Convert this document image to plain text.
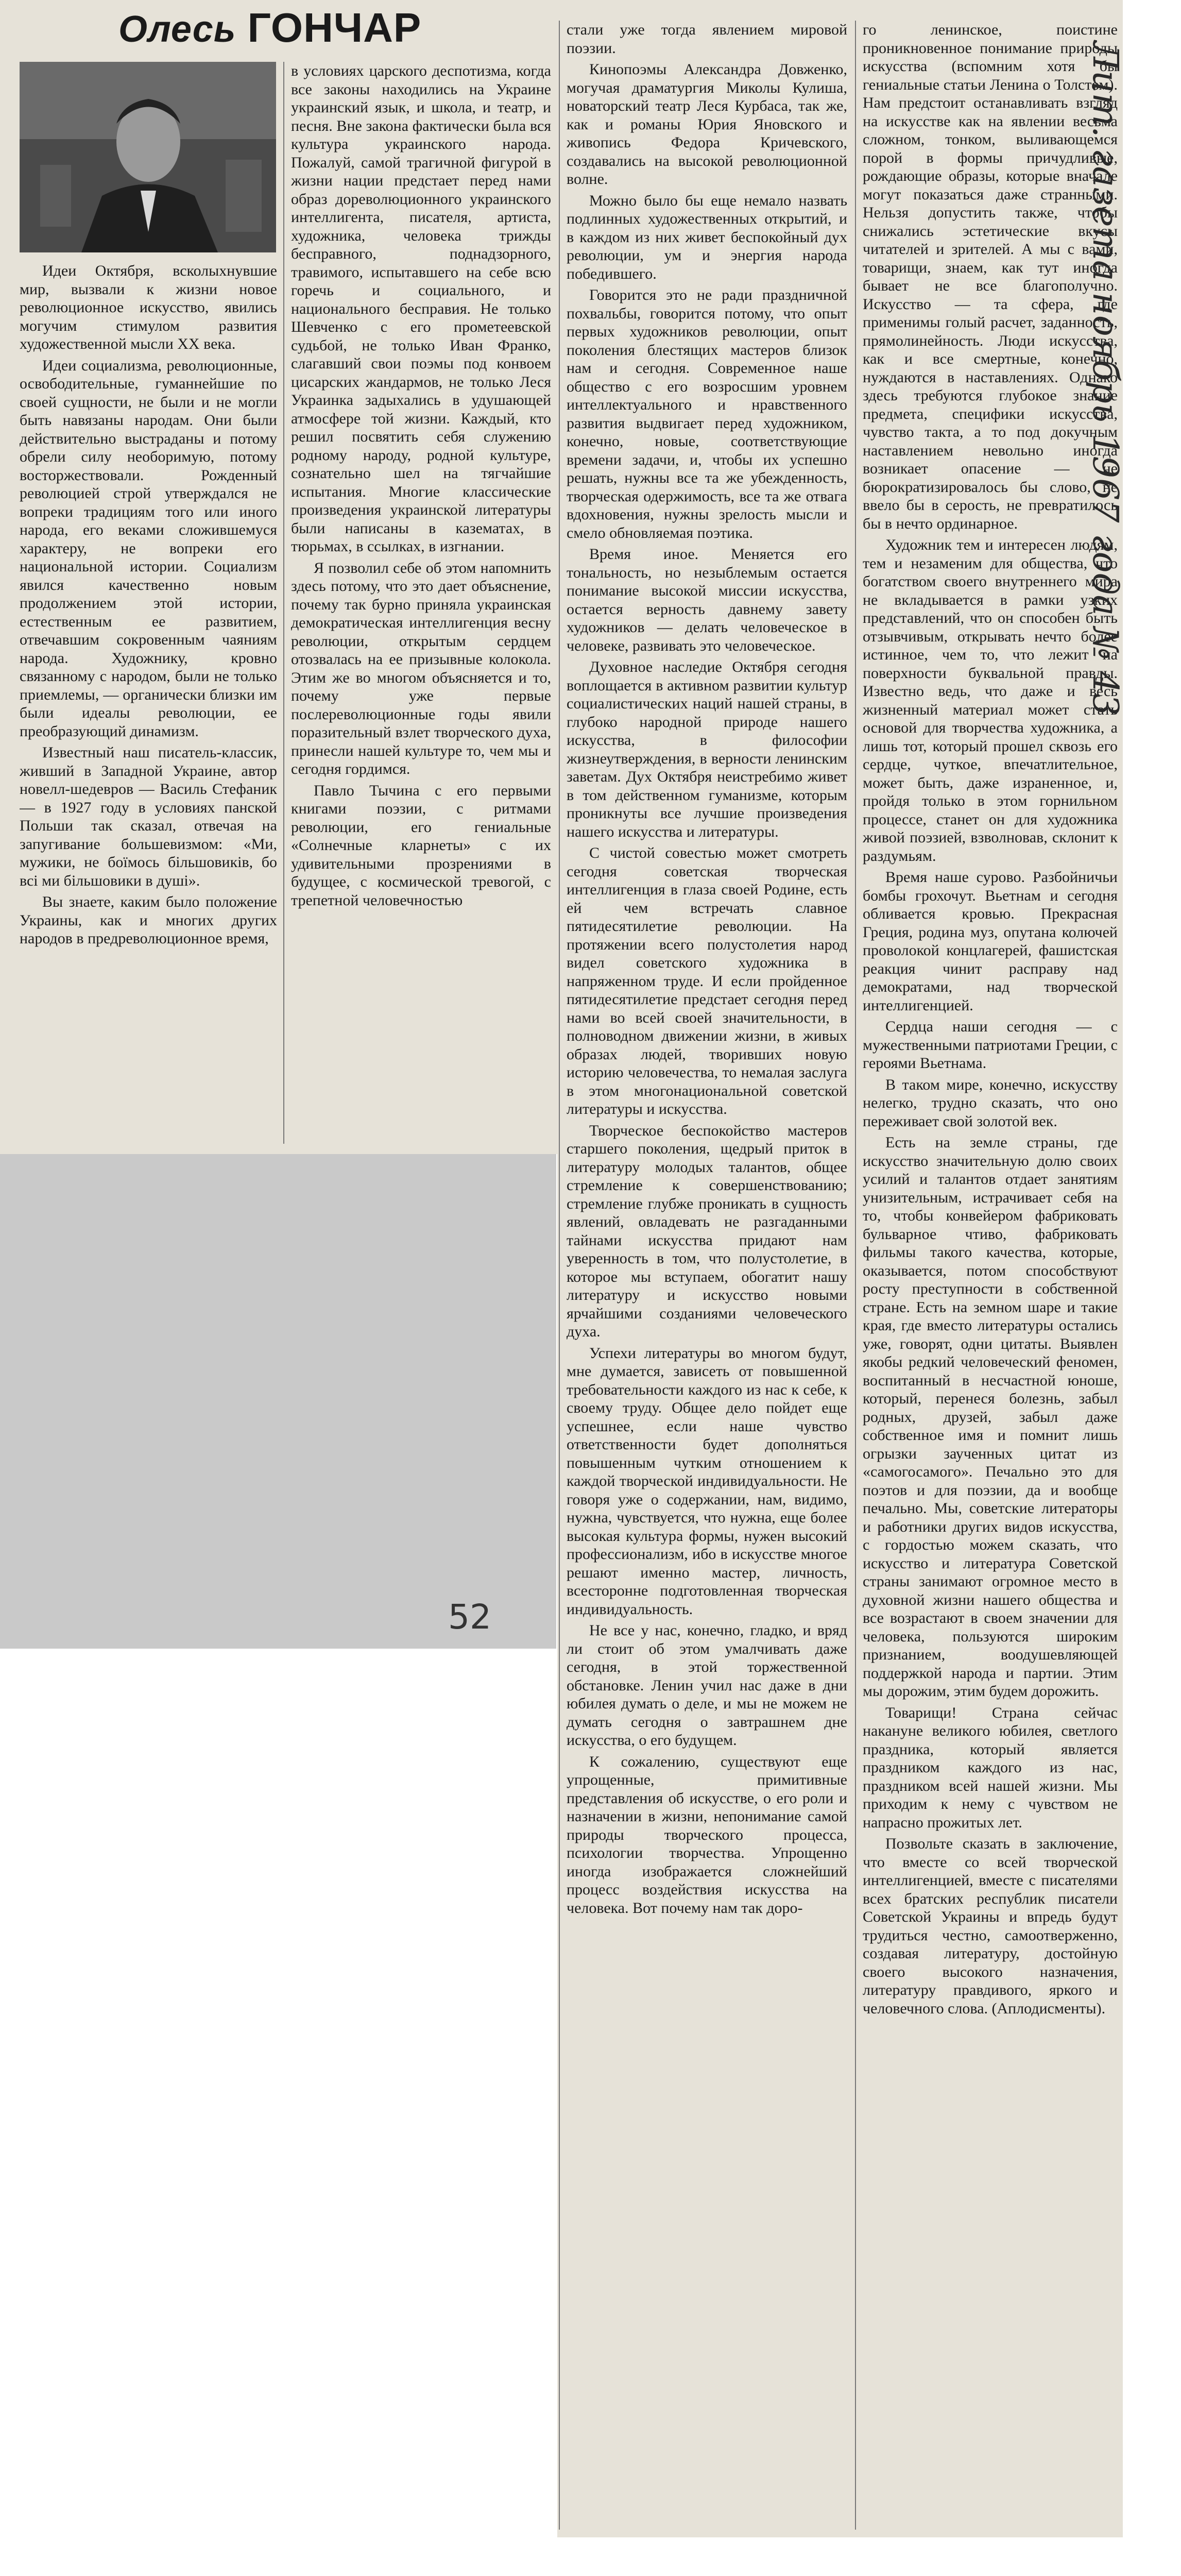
Олесь ГОНЧАР

Идеи Октября, всколыхнувшие мир, вызвали к жизни новое революционное искусство, явились могучим стимулом развития художественной мысли XX века.

Идеи социализма, революционные, освободительные, гуманнейшие по своей сущности, не были и не могли быть навязаны народам. Они были действительно выстраданы и потому обрели силу необоримую, потому восторжествовали. Рожденный революцией строй утверждался не вопреки традициям того или иного народа, его веками сложившемуся характеру, не вопреки его национальной истории. Социализм явился качественно новым продолжением этой истории, естественным ее развитием, отвечавшим сокровенным чаяниям народа. Художнику, кровно связанному с народом, были не только приемлемы, — органически близки им были идеалы революции, ее преобразующий динамизм.

Известный наш писатель-классик, живший в Западной Украине, автор новелл-шедевров — Василь Стефаник — в 1927 году в условиях панской Польши так сказал, отвечая на запугивание большевизмом: «Ми, мужики, не боїмось більшовиків, бо всі ми більшовики в душі».

Вы знаете, каким было положение Украины, как и многих других народов в предреволюционное время,

в условиях царского деспотизма, когда все законы находились на Украине украинский язык, и школа, и театр, и песня. Вне закона фактически была вся культура украинского народа. Пожалуй, самой трагичной фигурой в жизни нации предстает перед нами образ дореволюционного украинского интеллигента, писателя, артиста, художника, человека трижды бесправного, поднадзорного, травимого, испытавшего на себе всю горечь и социального, и национального бесправия. Не только Шевченко с его прометеевской судьбой, не только Иван Франко, слагавший свои поэмы под конвоем цисарских жандармов, не только Леся Украинка задыхались в удушающей атмосфере той жизни. Каждый, кто решил посвятить себя служению родному народу, родной культуре, сознательно шел на тягчайшие испытания. Многие классические произведения украинской литературы были написаны в казематах, в тюрьмах, в ссылках, в изгнании.

Я позволил себе об этом напомнить здесь потому, что это дает объяснение, почему так бурно приняла украинская демократическая интеллигенция весну революции, открытым сердцем отозвалась на ее призывные колокола. Этим же во многом объясняется и то, почему уже первые послереволюционные годы явили поразительный взлет творческого духа, принесли нашей культуре то, чем мы и сегодня гордимся.

Павло Тычина с его первыми книгами поэзии, с ритмами революции, его гениальные «Солнечные кларнеты» с их удивительными прозрениями в будущее, с космической тревогой, с трепетной человечностью

стали уже тогда явлением мировой поэзии.

Кинопоэмы Александра Довженко, могучая драматургия Миколы Кулиша, новаторский театр Леся Курбаса, так же, как и романы Юрия Яновского и живопись Федора Кричевского, создавались на высокой революционной волне.

Можно было бы еще немало назвать подлинных художественных открытий, и в каждом из них живет беспокойный дух революции, ум и энергия народа победившего.

Говорится это не ради праздничной похвальбы, говорится потому, что опыт первых художников революции, опыт поколения блестящих мастеров близок нам и сегодня. Современное наше общество с его возросшим уровнем интеллектуального и нравственного развития выдвигает перед художником, конечно, новые, соответствующие времени задачи, и, чтобы их успешно решать, нужны все та же убежденность, творческая одержимость, все та же отвага вдохновения, нужны зрелость мысли и смело обновляемая поэтика.

Время иное. Меняется его тональность, но незыблемым остается понимание высокой миссии искусства, остается верность давнему завету художников — делать человеческое в человеке, развивать это человеческое.

Духовное наследие Октября сегодня воплощается в активном развитии культур социалистических наций нашей страны, в глубоко народной природе нашего искусства, в философии жизнеутверждения, в верности ленинским заветам. Дух Октября неистребимо живет в том действенном гуманизме, которым проникнуты все лучшие произведения нашего искусства и литературы.

С чистой совестью может смотреть сегодня советская творческая интеллигенция в глаза своей Родине, есть ей чем встречать славное пятидесятилетие революции. На протяжении всего полустолетия народ видел советского художника в напряженном труде. И если пройденное пятидесятилетие предстает сегодня перед нами во всей своей значительности, в полноводном движении жизни, в живых образах людей, творивших новую историю человечества, то немалая заслуга в этом многонациональной советской литературы и искусства.

Творческое беспокойство мастеров старшего поколения, щедрый приток в литературу молодых талантов, общее стремление к совершенствованию; стремление глубже проникать в сущность явлений, овладевать не разгаданными тайнами искусства придают нам уверенность в том, что полустолетие, в которое мы вступаем, обогатит нашу литературу и искусство новыми ярчайшими созданиями человеческого духа.

Успехи литературы во многом будут, мне думается, зависеть от повышенной требовательности каждого из нас к себе, к своему труду. Общее дело пойдет еще успешнее, если наше чувство ответственности будет дополняться повышенным чутким отношением к каждой творческой индивидуальности. Не говоря уже о содержании, нам, видимо, нужна, чувствуется, что нужна, еще более высокая культура формы, нужен высокий профессионализм, ибо в искусстве многое решают именно мастер, личность, всесторонне подготовленная творческая индивидуальность.

Не все у нас, конечно, гладко, и вряд ли стоит об этом умалчивать даже сегодня, в этой торжественной обстановке. Ленин учил нас даже в дни юбилея думать о деле, и мы не можем не думать сегодня о завтрашнем дне искусства, о его будущем.

К сожалению, существуют еще упрощенные, примитивные представления об искусстве, о его роли и назначении в жизни, непонимание самой природы творческого процесса, психологии творчества. Упрощенно иногда изображается сложнейший процесс воздействия искусства на человека. Вот почему нам так доро-

го ленинское, поистине проникновенное понимание природы искусства (вспомним хотя бы гениальные статьи Ленина о Толстом). Нам предстоит останавливать взгляд на искусстве как на явлении весьма сложном, тонком, выливающемся порой в формы причудливые, рождающие образы, которые вначале могут показаться даже странными. Нельзя допустить также, чтобы снижались эстетические вкусы читателей и зрителей. А мы с вами, товарищи, знаем, как тут иногда бывает не все благополучно. Искусство — та сфера, где применимы голый расчет, заданность, прямолинейность. Люди искусства, как и все смертные, конечно, нуждаются в наставлениях. Однако здесь требуются глубокое знание предмета, специфики искусства, чувство такта, а то под докучным наставлением невольно иногда возникает опасение — не бюрократизировалось бы слово, не ввело бы в серость, не превратилось бы в нечто ординарное.

Художник тем и интересен людям, тем и незаменим для общества, что богатством своего внутреннего мира не вкладывается в рамки узких представлений, что он способен быть отзывчивым, открывать нечто более истинное, чем то, что лежит на поверхности буквальной правды. Известно ведь, что даже и весь жизненный материал может стать основой для творчества художника, а лишь тот, который прошел сквозь его сердце, чуткое, впечатлительное, может быть, даже израненное, и, пройдя только в этом горнильном процессе, станет он для художника живой поэзией, взволновав, склонит к раздумьям.

Время наше сурово. Разбойничьи бомбы грохочут. Вьетнам и сегодня обливается кровью. Прекрасная Греция, родина муз, опутана колючей проволокой концлагерей, фашистская реакция чинит расправу над демократами, над творческой интеллигенцией.

Сердца наши сегодня — с мужественными патриотами Греции, с героями Вьетнама.

В таком мире, конечно, искусству нелегко, трудно сказать, что оно переживает свой золотой век.

Есть на земле страны, где искусство значительную долю своих усилий и талантов отдает занятиям унизительным, истрачивает себя на то, чтобы конвейером фабриковать бульварное чтиво, фабриковать фильмы такого качества, которые, оказывается, потом способствуют росту преступности в собственной стране. Есть на земном шаре и такие края, где вместо литературы остались уже, говорят, одни цитаты. Выявлен якобы редкий человеческий феномен, воспитанный в несчастной юноше, который, перенеся болезнь, забыл родных, друзей, забыл даже собственное имя и помнит лишь огрызки заученных цитат из «самогосамого». Печально это для поэтов и для поэзии, да и вообще печально. Мы, советские литераторы и работники других видов искусства, с гордостью можем сказать, что искусство и литература Советской страны занимают огромное место в духовной жизни нашего общества и все возрастают в своем значении для человека, пользуются широким признанием, воодушевляющей поддержкой народа и партии. Этим мы дорожим, этим будем дорожить.

Товарищи! Страна сейчас накануне великого юбилея, светлого праздника, который является праздником каждого из нас, праздником всей нашей жизни. Мы приходим к нему с чувством не напрасно прожитых лет.

Позвольте сказать в заключение, что вместе со всей творческой интеллигенцией, вместе с писателями всех братских республик писатели Советской Украины и впредь будут трудиться честно, самоотверженно, создавая литературу, достойную своего высокого назначения, литературу правдивого, яркого и человечного слова. (Аплодисменты).

Лит. газета ноябрь 1967 года № 43
52
